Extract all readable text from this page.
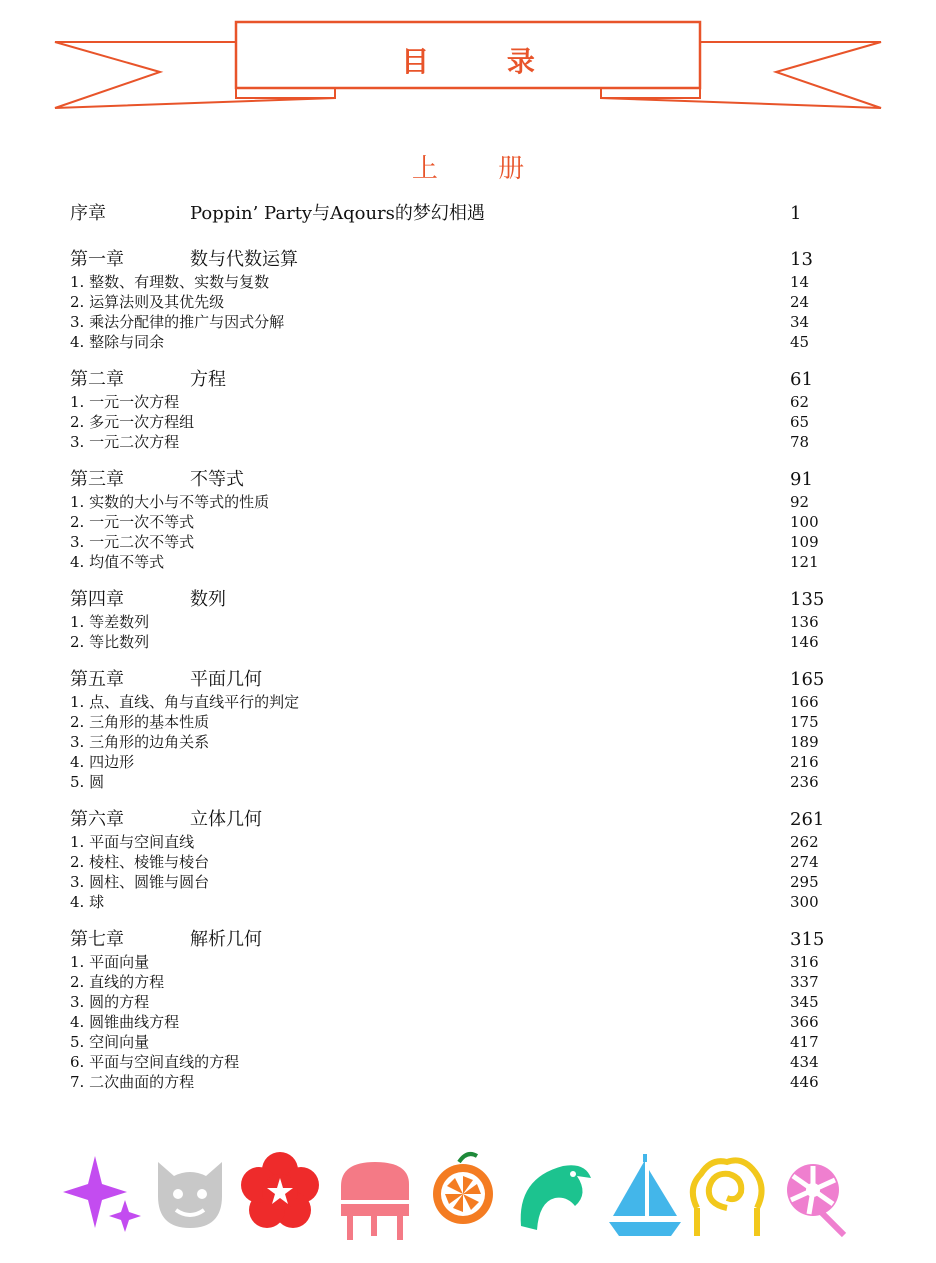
目 录
上 册
序章	Poppin’ Party与Aqours的梦幻相遇	1
第一章	数与代数运算	13
1. 整数、有理数、实数与复数	14
2. 运算法则及其优先级	24
3. 乘法分配律的推广与因式分解	34
4. 整除与同余	45
第二章	方程	61
1. 一元一次方程	62
2. 多元一次方程组	65
3. 一元二次方程	78
第三章	不等式	91
1. 实数的大小与不等式的性质	92
2. 一元一次不等式	100
3. 一元二次不等式	109
4. 均值不等式	121
第四章	数列	135
1. 等差数列	136
2. 等比数列	146
第五章	平面几何	165
1. 点、直线、角与直线平行的判定	166
2. 三角形的基本性质	175
3. 三角形的边角关系	189
4. 四边形	216
5. 圆	236
第六章	立体几何	261
1. 平面与空间直线	262
2. 棱柱、棱锥与棱台	274
3. 圆柱、圆锥与圆台	295
4. 球	300
第七章	解析几何	315
1. 平面向量	316
2. 直线的方程	337
3. 圆的方程	345
4. 圆锥曲线方程	366
5. 空间向量	417
6. 平面与空间直线的方程	434
7. 二次曲面的方程	446
